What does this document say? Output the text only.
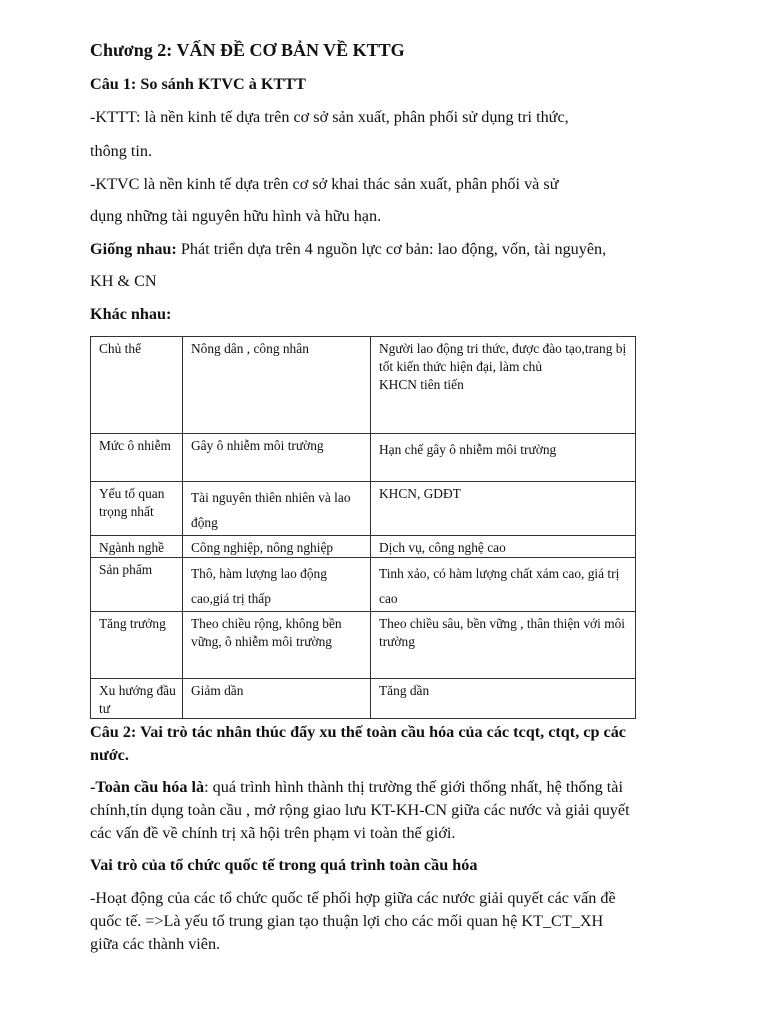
Chương 2: VẤN ĐỀ CƠ BẢN VỀ KTTG
Câu 1: So sánh KTVC à KTTT
-KTTT: là nền kinh tế dựa trên cơ sở sản xuất, phân phối sử dụng tri thức,
thông tin.
-KTVC là nền kinh tế dựa trên cơ sở khai thác sản xuất, phân phối và sử
dụng những tài nguyên hữu hình và hữu hạn.
Giống nhau: Phát triển dựa trên 4 nguồn lực cơ bản: lao động, vốn, tài nguyên,
KH & CN
Khác nhau:
Chủ thể	Nông dân , công nhân	Người lao động tri thức, được đào tạo,trang bị tốt kiến thức hiện đại, làm chủ
KHCN tiên tiến

Mức ô nhiễm	Gây ô nhiễm môi trường	Hạn chế gây ô nhiễm môi trường
Yếu tố quan trọng nhất	Tài nguyên thiên nhiên và lao động	KHCN, GDĐT
Ngành nghề	Công nghiệp, nông nghiệp	Dịch vụ, công nghệ cao
Sản phẩm	Thô, hàm lượng lao động cao,giá trị thấp	Tinh xảo, có hàm lượng chất xám cao, giá trị cao
Tăng trưởng	Theo chiều rộng, không bền vững, ô nhiễm môi trường	Theo chiều sâu, bền vững , thân thiện với môi trường
Xu hướng đầu tư	Giảm dần	Tăng dần
Câu 2: Vai trò tác nhân thúc đẩy xu thế toàn cầu hóa của các tcqt, ctqt, cp các
nước.
-Toàn cầu hóa là: quá trình hình thành thị trường thế giới thống nhất, hệ thống tài
chính,tín dụng toàn cầu , mở rộng giao lưu KT-KH-CN giữa các nước và giải quyết
các vấn đề về chính trị xã hội trên phạm vi toàn thế giới.
Vai trò của tổ chức quốc tế trong quá trình toàn cầu hóa
-Hoạt động của các tổ chức quốc tế phối hợp giữa các nước giải quyết các vấn đề
quốc tế. =>Là yếu tố trung gian tạo thuận lợi cho các mối quan hệ KT_CT_XH
giữa các thành viên.
